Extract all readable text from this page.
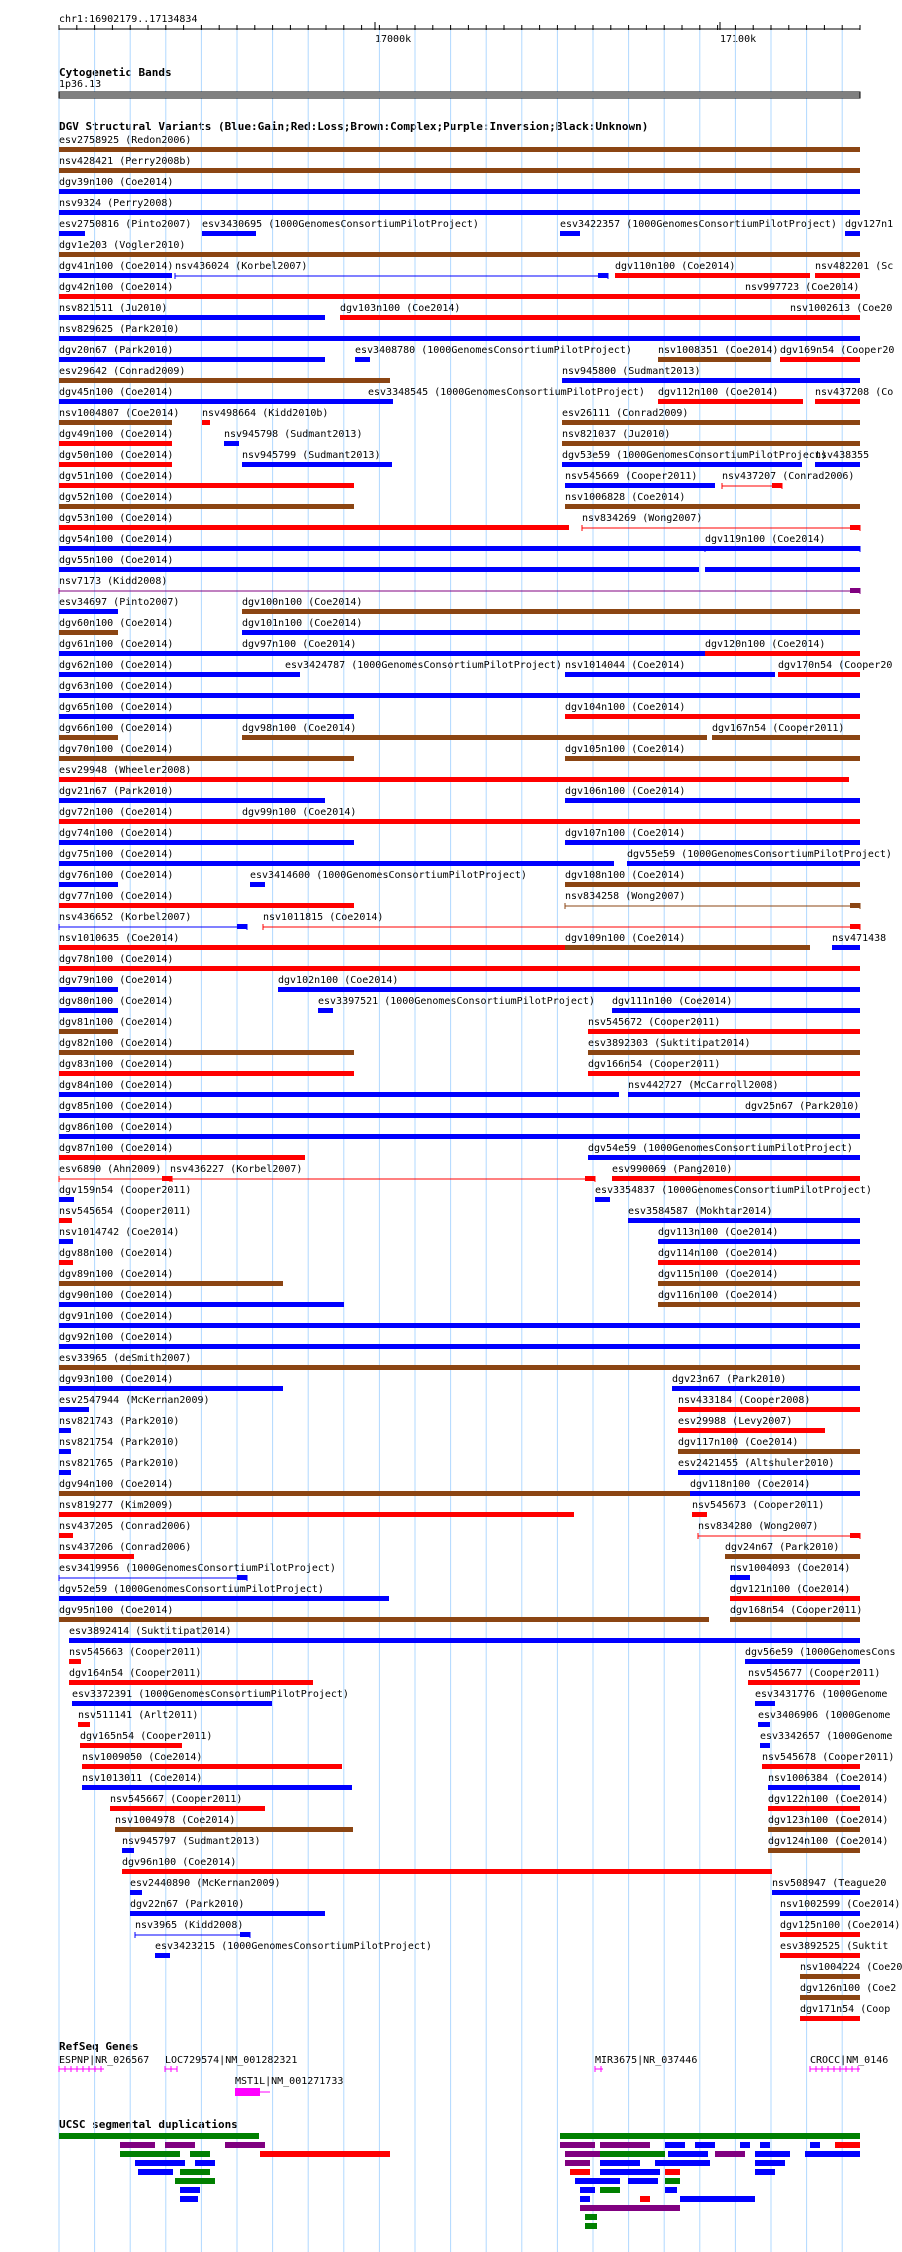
chr1:16902179..17134834
17000k	17100k
Cytogenetic Bands
1p36.13
DGV Structural Variants (Blue:Gain;Red:Loss;Brown:Complex;Purple:Inversion;Black:Unknown)
RefSeq Genes
UCSC segmental duplications
esv2758925 (Redon2006)
nsv428421 (Perry2008b)
dgv39n100 (Coe2014)
nsv9324 (Perry2008)
esv2750816 (Pinto2007) esv3430695 (1000GenomesConsortiumPilotProject)	esv3422357 (1000GenomesConsortiumPilotProject) dgv127n1
dgv1e203 (Vogler2010)
dgv41n100 (Coe2014) nsv436024 (Korbel2007)	dgv110n100 (Coe2014)	nsv482201 (Sc
dgv42n100 (Coe2014)	nsv997723 (Coe2014)
nsv821511 (Ju2010)	dgv103n100 (Coe2014)	nsv1002613 (Coe20
nsv829625 (Park2010)
dgv20n67 (Park2010)	esv3408780 (1000GenomesConsortiumPilotProject)	nsv1008351 (Coe2014) dgv169n54 (Cooper20
esv29642 (Conrad2009)	nsv945800 (Sudmant2013)
dgv45n100 (Coe2014)	esv3348545 (1000GenomesConsortiumPilotProject) dgv112n100 (Coe2014)	nsv437208 (Co
nsv1004807 (Coe2014) nsv498664 (Kidd2010b)	esv26111 (Conrad2009)
dgv49n100 (Coe2014)	nsv945798 (Sudmant2013)	nsv821037 (Ju2010)
dgv50n100 (Coe2014)	nsv945799 (Sudmant2013)	dgv53e59 (1000GenomesConsortiumPilotProject)
nsv438355
dgv51n100 (Coe2014)	nsv545669 (Cooper2011) nsv437207 (Conrad2006)
dgv52n100 (Coe2014)	nsv1006828 (Coe2014)
dgv53n100 (Coe2014)	nsv834269 (Wong2007)
dgv54n100 (Coe2014)	dgv119n100 (Coe2014)
dgv55n100 (Coe2014)
nsv7173 (Kidd2008)
esv34697 (Pinto2007)	dgv100n100 (Coe2014)
dgv60n100 (Coe2014)	dgv101n100 (Coe2014)
dgv61n100 (Coe2014)	dgv97n100 (Coe2014)	dgv120n100 (Coe2014)
dgv62n100 (Coe2014)	esv3424787 (1000GenomesConsortiumPilotProject) nsv1014044 (Coe2014)	dgv170n54 (Cooper20
dgv63n100 (Coe2014)
dgv65n100 (Coe2014)	dgv104n100 (Coe2014)
dgv66n100 (Coe2014)	dgv98n100 (Coe2014)	dgv167n54 (Cooper2011)
dgv70n100 (Coe2014)	dgv105n100 (Coe2014)
esv29948 (Wheeler2008)
dgv21n67 (Park2010)	dgv106n100 (Coe2014)
dgv72n100 (Coe2014)	dgv99n100 (Coe2014)
dgv74n100 (Coe2014)	dgv107n100 (Coe2014)
dgv75n100 (Coe2014)	dgv55e59 (1000GenomesConsortiumPilotProject)
dgv76n100 (Coe2014)	esv3414600 (1000GenomesConsortiumPilotProject)	dgv108n100 (Coe2014)
dgv77n100 (Coe2014)	nsv834258 (Wong2007)
nsv436652 (Korbel2007)	nsv1011815 (Coe2014)
nsv1010635 (Coe2014)	dgv109n100 (Coe2014)	nsv471438
dgv78n100 (Coe2014)
dgv79n100 (Coe2014)	dgv102n100 (Coe2014)
dgv80n100 (Coe2014)	esv3397521 (1000GenomesConsortiumPilotProject) dgv111n100 (Coe2014)
dgv81n100 (Coe2014)	nsv545672 (Cooper2011)
dgv82n100 (Coe2014)	esv3892303 (Suktitipat2014)
dgv83n100 (Coe2014)	dgv166n54 (Cooper2011)
dgv84n100 (Coe2014)	nsv442727 (McCarroll2008)
dgv85n100 (Coe2014)	dgv25n67 (Park2010)
dgv86n100 (Coe2014)
dgv87n100 (Coe2014)	dgv54e59 (1000GenomesConsortiumPilotProject)
esv6890 (Ahn2009) nsv436227 (Korbel2007)	esv990069 (Pang2010)
dgv159n54 (Cooper2011)	esv3354837 (1000GenomesConsortiumPilotProject)
nsv545654 (Cooper2011)	esv3584587 (Mokhtar2014)
nsv1014742 (Coe2014)	dgv113n100 (Coe2014)
dgv88n100 (Coe2014)	dgv114n100 (Coe2014)
dgv89n100 (Coe2014)	dgv115n100 (Coe2014)
dgv90n100 (Coe2014)	dgv116n100 (Coe2014)
dgv91n100 (Coe2014)
dgv92n100 (Coe2014)
esv33965 (deSmith2007)
dgv93n100 (Coe2014)	dgv23n67 (Park2010)
esv2547944 (McKernan2009)	nsv433184 (Cooper2008)
nsv821743 (Park2010)	esv29988 (Levy2007)
nsv821754 (Park2010)	dgv117n100 (Coe2014)
nsv821765 (Park2010)	esv2421455 (Altshuler2010)
dgv94n100 (Coe2014)	dgv118n100 (Coe2014)
nsv819277 (Kim2009)	nsv545673 (Cooper2011)
nsv437205 (Conrad2006)	nsv834280 (Wong2007)
nsv437206 (Conrad2006)	dgv24n67 (Park2010)
esv3419956 (1000GenomesConsortiumPilotProject)	nsv1004093 (Coe2014)
dgv52e59 (1000GenomesConsortiumPilotProject)	dgv121n100 (Coe2014)
dgv95n100 (Coe2014)	dgv168n54 (Cooper2011)
esv3892414 (Suktitipat2014)
nsv545663 (Cooper2011)	dgv56e59 (1000GenomesCons
dgv164n54 (Cooper2011)	nsv545677 (Cooper2011)
esv3372391 (1000GenomesConsortiumPilotProject)	esv3431776 (1000Genome
nsv511141 (Arlt2011)	esv3406906 (1000Genome
dgv165n54 (Cooper2011)	esv3342657 (1000Genome
nsv1009050 (Coe2014)	nsv545678 (Cooper2011)
nsv1013011 (Coe2014)	nsv1006384 (Coe2014)
nsv545667 (Cooper2011)	dgv122n100 (Coe2014)
nsv1004978 (Coe2014)	dgv123n100 (Coe2014)
nsv945797 (Sudmant2013)	dgv124n100 (Coe2014)
dgv96n100 (Coe2014)
esv2440890 (McKernan2009)	nsv508947 (Teague20
dgv22n67 (Park2010)	nsv1002599 (Coe2014)
nsv3965 (Kidd2008)	dgv125n100 (Coe2014)
esv3423215 (1000GenomesConsortiumPilotProject)	esv3892525 (Suktit
nsv1004224 (Coe20
dgv126n100 (Coe2
dgv171n54 (Coop
ESPNP|NR_026567 LOC729574|NM_001282321	MIR3675|NR_037446	CROCC|NM_0146
MST1L|NM_001271733
